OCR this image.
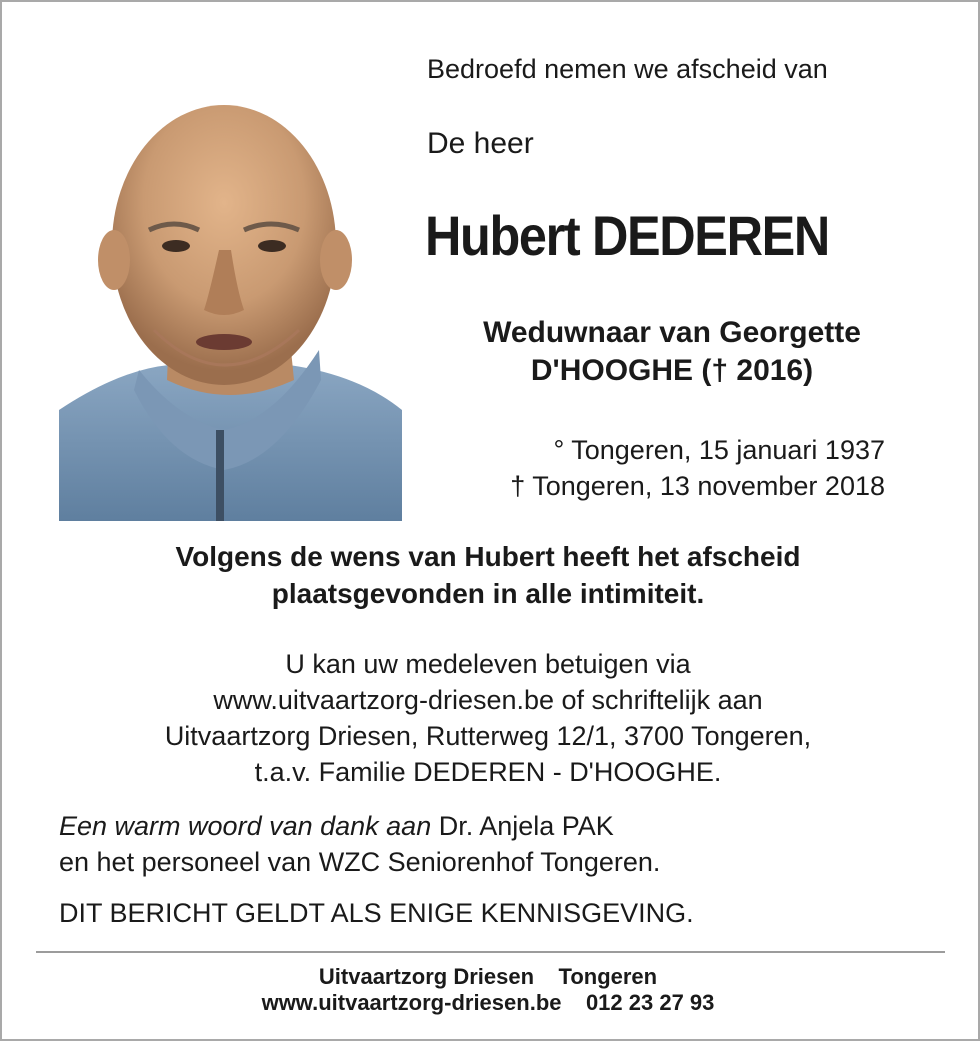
Bedroefd nemen we afscheid van
De heer
Hubert DEDEREN
Weduwnaar van Georgette
D'HOOGHE († 2016)
° Tongeren, 15 januari 1937
† Tongeren, 13 november 2018
Volgens de wens van Hubert heeft het afscheid
plaatsgevonden in alle intimiteit.
U kan uw medeleven betuigen via
www.uitvaartzorg-driesen.be of schriftelijk aan
Uitvaartzorg Driesen, Rutterweg 12/1, 3700 Tongeren,
t.a.v. Familie DEDEREN - D'HOOGHE.
Een warm woord van dank aan Dr. Anjela PAK
en het personeel van WZC Seniorenhof Tongeren.
DIT BERICHT GELDT ALS ENIGE KENNISGEVING.
Uitvaartzorg Driesen    Tongeren
www.uitvaartzorg-driesen.be    012 23 27 93
